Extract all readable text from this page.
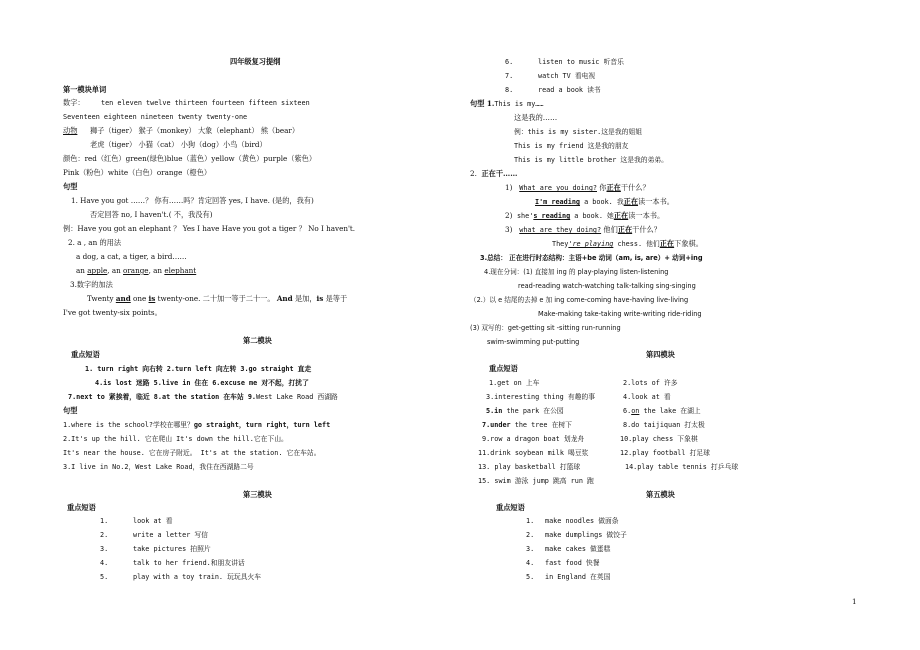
四年级复习提纲
第一模块单词
数字： ten eleven twelve thirteen fourteen fifteen sixteen
Seventeen eighteen nineteen twenty twenty-one
动物 狮子（tiger） 猴子（monkey） 大象（elephant） 熊（bear）
老虎（tiger） 小猫（cat） 小狗（dog）小鸟（bird）
颜色：red（红色）green(绿色)blue（蓝色）yellow（黄色）purple（紫色）
Pink（粉色）white（白色）orange（橙色）
句型
1. Have you got ……？ 你有……吗？肯定回答 yes, I have. (是的，我有)
否定回答 no, I haven't.( 不，我没有)
例：Have you got an elephant ？ Yes I have Have you got a tiger ？ No I haven't.
2. a , an 的用法
a dog, a cat, a tiger, a bird……
an apple, an orange, an elephant
3.数字的加法
Twenty and one is twenty-one. 二十加一等于二十一。 And 是加，is 是等于
I've got twenty-six points。
第二模块
重点短语
1. turn right 向右转 2.turn left 向左转 3.go straight 直走
4.is lost 迷路 5.live in 住在 6.excuse me 对不起，打扰了
7.next to 紧挨着，临近 8.at the station 在车站 9.West Lake Road 西湖路
句型
1.where is the school?学校在哪里？go straight，turn right，turn left
2.It's up the hill. 它在爬山 It's down the hill.它在下山。
It's near the house. 它在房子附近。 It's at the station. 它在车站。
3.I live in No.2，West Lake Road，我住在西湖路二号
第三模块
重点短语
1.	look at 看
2.	write a letter 写信
3.	take pictures 拍照片
4.	talk to her friend.和朋友讲话
5.	play with a toy train. 玩玩具火车
6.	listen to music 听音乐
7.	watch TV 看电视
8.	read a book 读书
句型 1.This is my……
这是我的……
例：this is my sister.这是我的姐姐
This is my friend 这是我的朋友
This is my little brother 这是我的弟弟。
2. 正在干……
1) What are you doing? 你正在干什么？
I'm reading a book. 我正在读一本书。
2) she's reading a book. 她正在读一本书。
3) what are they doing? 他们正在干什么？
They're playing chess. 他们正在下象棋。
3.总结： 正在进行时态结构：主语+be 动词（am, is, are）+ 动词+ing
4.现在分词：(1) 直接加 ing 的 play-playing listen-listening
read-reading watch-watching talk-talking sing-singing
（2.）以 e 结尾的去掉 e 加 ing come-coming have-having live-living
Make-making take-taking write-writing ride-riding
(3) 双写的：get-getting sit -sitting run-running
swim-swimming put-putting
第四模块
重点短语
1.get on 上车	2.lots of 许多
3.interesting thing 有趣的事	4.look at 看
5.in the park 在公园	6.on the lake 在湖上
7.under the tree 在树下	8.do taijiquan 打太极
9.row a dragon boat 划龙舟	10.play chess 下象棋
11.drink soybean milk 喝豆浆	12.play football 打足球
13. play basketball 打篮球	14.play table tennis 打乒乓球
15. swim 游泳 jump 跳高 run 跑
第五模块
重点短语
1. make noodles 做面条
2. make dumplings 做饺子
3. make cakes 做蛋糕
4. fast food 快餐
5. in England 在英国
1
